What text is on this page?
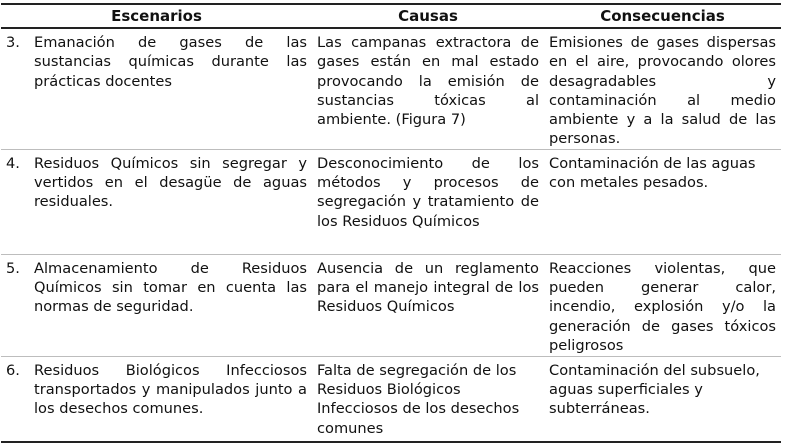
Escenarios	Causas	Consecuencias

3. Emanación de gases de las sustancias químicas durante las prácticas docentes	Las campanas extractora de gases están en mal estado provocando la emisión de sustancias tóxicas al ambiente. (Figura 7)	Emisiones de gases dispersas en el aire, provocando olores desagradables y contaminación al medio ambiente y a la salud de las personas.

4. Residuos Químicos sin segregar y vertidos en el desagüe de aguas residuales.	Desconocimiento de los métodos y procesos de segregación y tratamiento de los Residuos Químicos	Contaminación de las aguas con metales pesados.

5. Almacenamiento de Residuos Químicos sin tomar en cuenta las normas de seguridad.	Ausencia de un reglamento para el manejo integral de los Residuos Químicos	Reacciones violentas, que pueden generar calor, incendio, explosión y/o la generación de gases tóxicos peligrosos

6. Residuos Biológicos Infecciosos transportados y manipulados junto a los desechos comunes.	Falta de segregación de los Residuos Biológicos Infecciosos de los desechos comunes	Contaminación del subsuelo, aguas superficiales y subterráneas.
